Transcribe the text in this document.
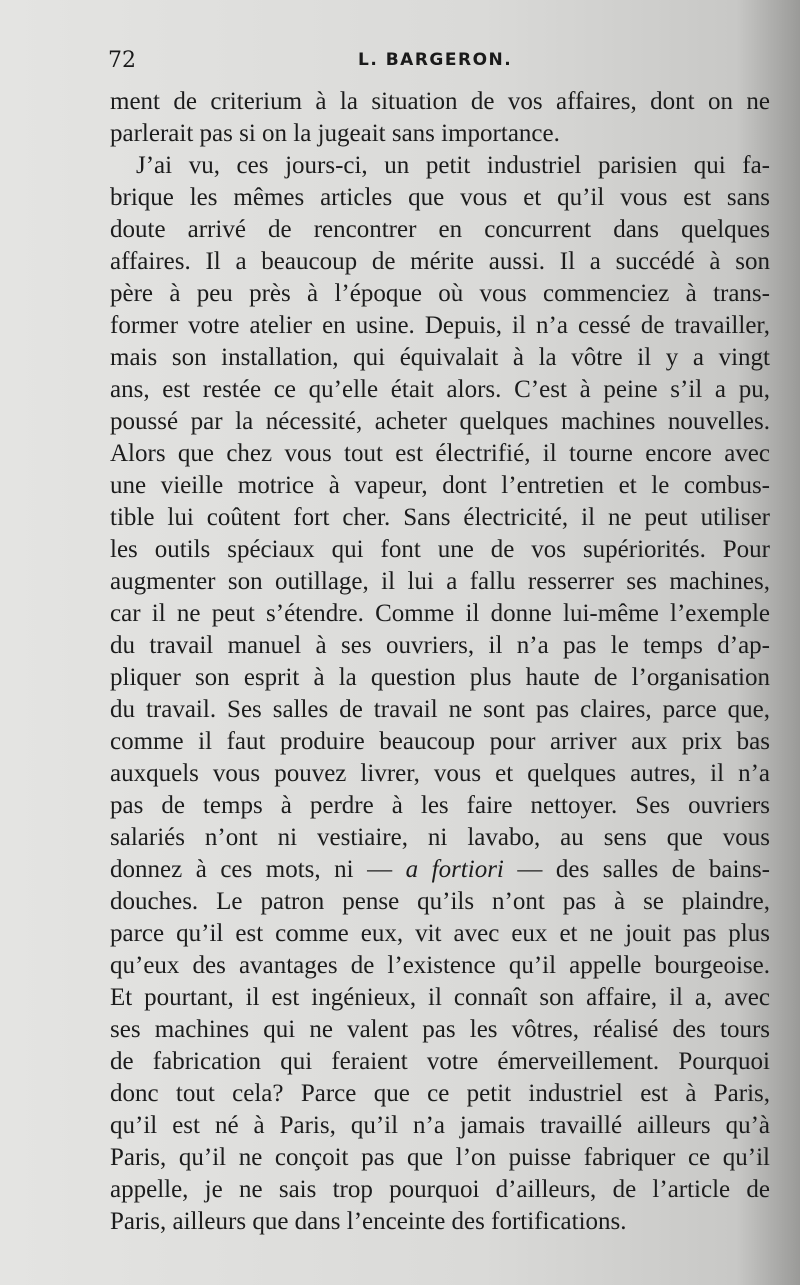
72	L. BARGERON.
ment de criterium à la situation de vos affaires, dont on ne
parlerait pas si on la jugeait sans importance.
J’ai vu, ces jours-ci, un petit industriel parisien qui fa-
brique les mêmes articles que vous et qu’il vous est sans
doute arrivé de rencontrer en concurrent dans quelques
affaires. Il a beaucoup de mérite aussi. Il a succédé à son
père à peu près à l’époque où vous commenciez à trans-
former votre atelier en usine. Depuis, il n’a cessé de travailler,
mais son installation, qui équivalait à la vôtre il y a vingt
ans, est restée ce qu’elle était alors. C’est à peine s’il a pu,
poussé par la nécessité, acheter quelques machines nouvelles.
Alors que chez vous tout est électrifié, il tourne encore avec
une vieille motrice à vapeur, dont l’entretien et le combus-
tible lui coûtent fort cher. Sans électricité, il ne peut utiliser
les outils spéciaux qui font une de vos supériorités. Pour
augmenter son outillage, il lui a fallu resserrer ses machines,
car il ne peut s’étendre. Comme il donne lui-même l’exemple
du travail manuel à ses ouvriers, il n’a pas le temps d’ap-
pliquer son esprit à la question plus haute de l’organisation
du travail. Ses salles de travail ne sont pas claires, parce que,
comme il faut produire beaucoup pour arriver aux prix bas
auxquels vous pouvez livrer, vous et quelques autres, il n’a
pas de temps à perdre à les faire nettoyer. Ses ouvriers
salariés n’ont ni vestiaire, ni lavabo, au sens que vous
donnez à ces mots, ni — a fortiori — des salles de bains-
douches. Le patron pense qu’ils n’ont pas à se plaindre,
parce qu’il est comme eux, vit avec eux et ne jouit pas plus
qu’eux des avantages de l’existence qu’il appelle bourgeoise.
Et pourtant, il est ingénieux, il connaît son affaire, il a, avec
ses machines qui ne valent pas les vôtres, réalisé des tours
de fabrication qui feraient votre émerveillement. Pourquoi
donc tout cela? Parce que ce petit industriel est à Paris,
qu’il est né à Paris, qu’il n’a jamais travaillé ailleurs qu’à
Paris, qu’il ne conçoit pas que l’on puisse fabriquer ce qu’il
appelle, je ne sais trop pourquoi d’ailleurs, de l’article de
Paris, ailleurs que dans l’enceinte des fortifications.
